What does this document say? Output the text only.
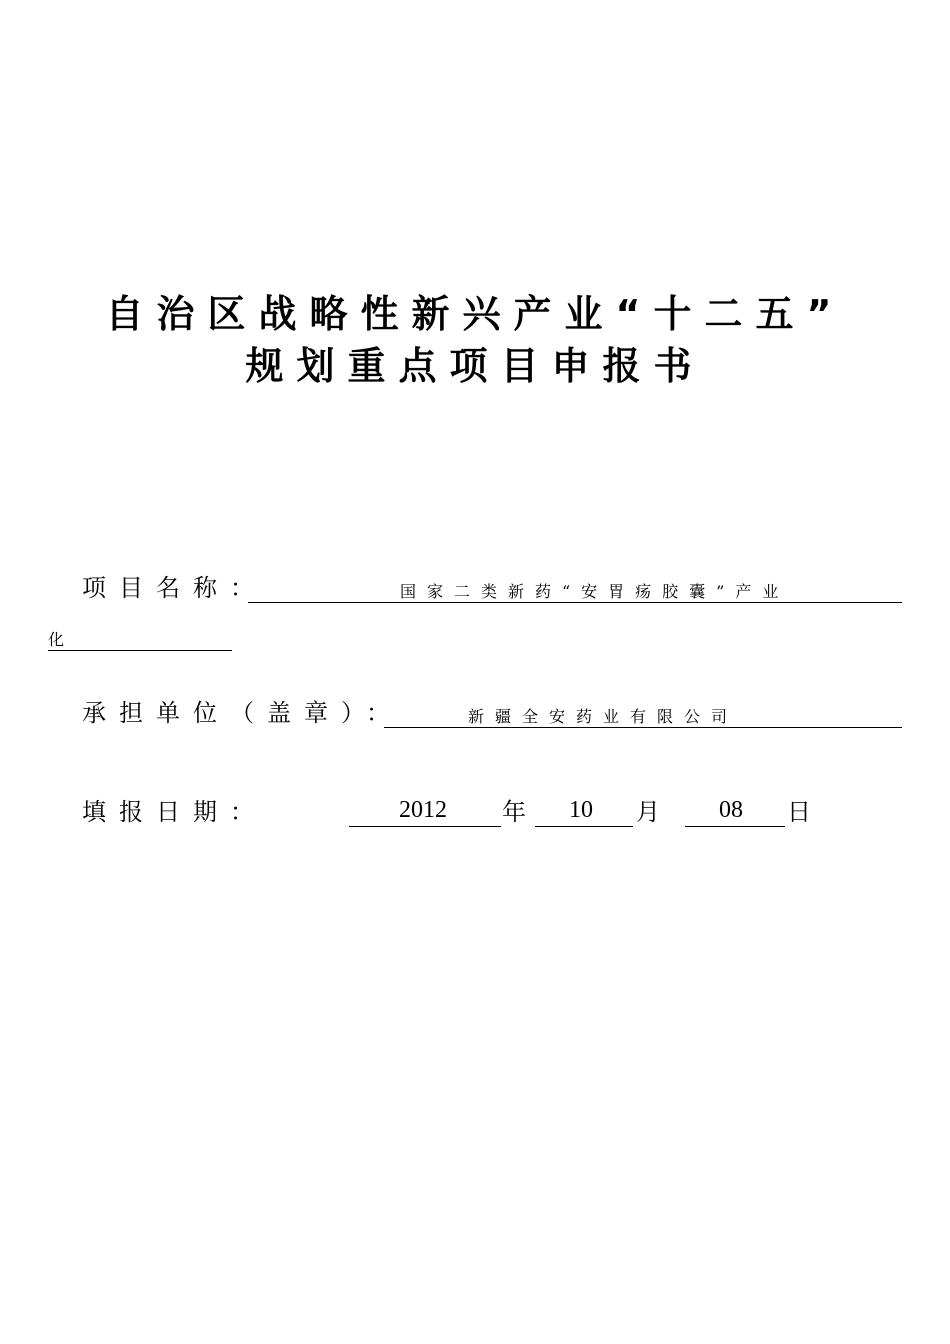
自治区战略性新兴产业“十二五”
规划重点项目申报书
项目名称：	国家二类新药“安胃疡胶囊”产业
化
承担单位（盖章）：	新疆全安药业有限公司
填报日期：	2012 年 10 月 08 日
